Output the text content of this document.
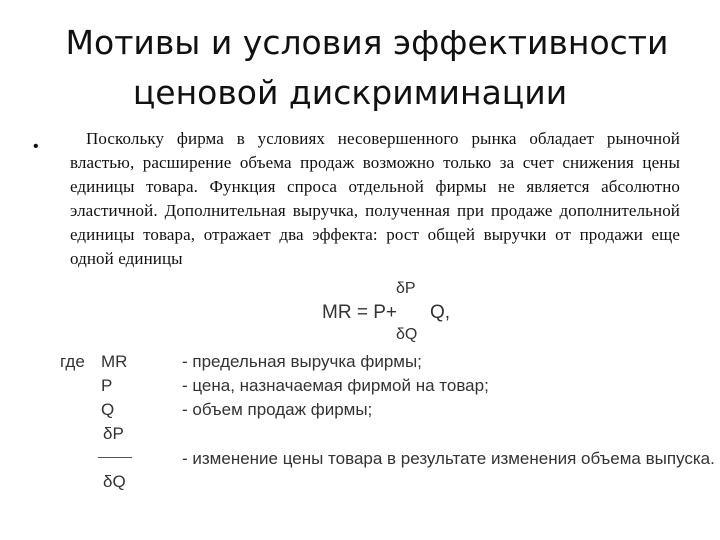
Мотивы и условия эффективности
ценовой дискриминации
•	Поскольку фирма в условиях несовершенного рынка обладает рыночной властью, расширение объема продаж возможно только за счет снижения цены единицы товара. Функция спроса отдельной фирмы не является абсолютно эластичной. Дополнительная выручка, полученная при продаже дополнительной единицы товара, отражает два эффекта: рост общей выручки от продажи еще одной единицы

δP
MR = P+ Q,
δQ
где MR
P
Q
δP
δQ
- предельная выручка фирмы;
- цена, назначаемая фирмой на товар;
- объем продаж фирмы;
- изменение цены товара в результате изменения объема выпуска.
